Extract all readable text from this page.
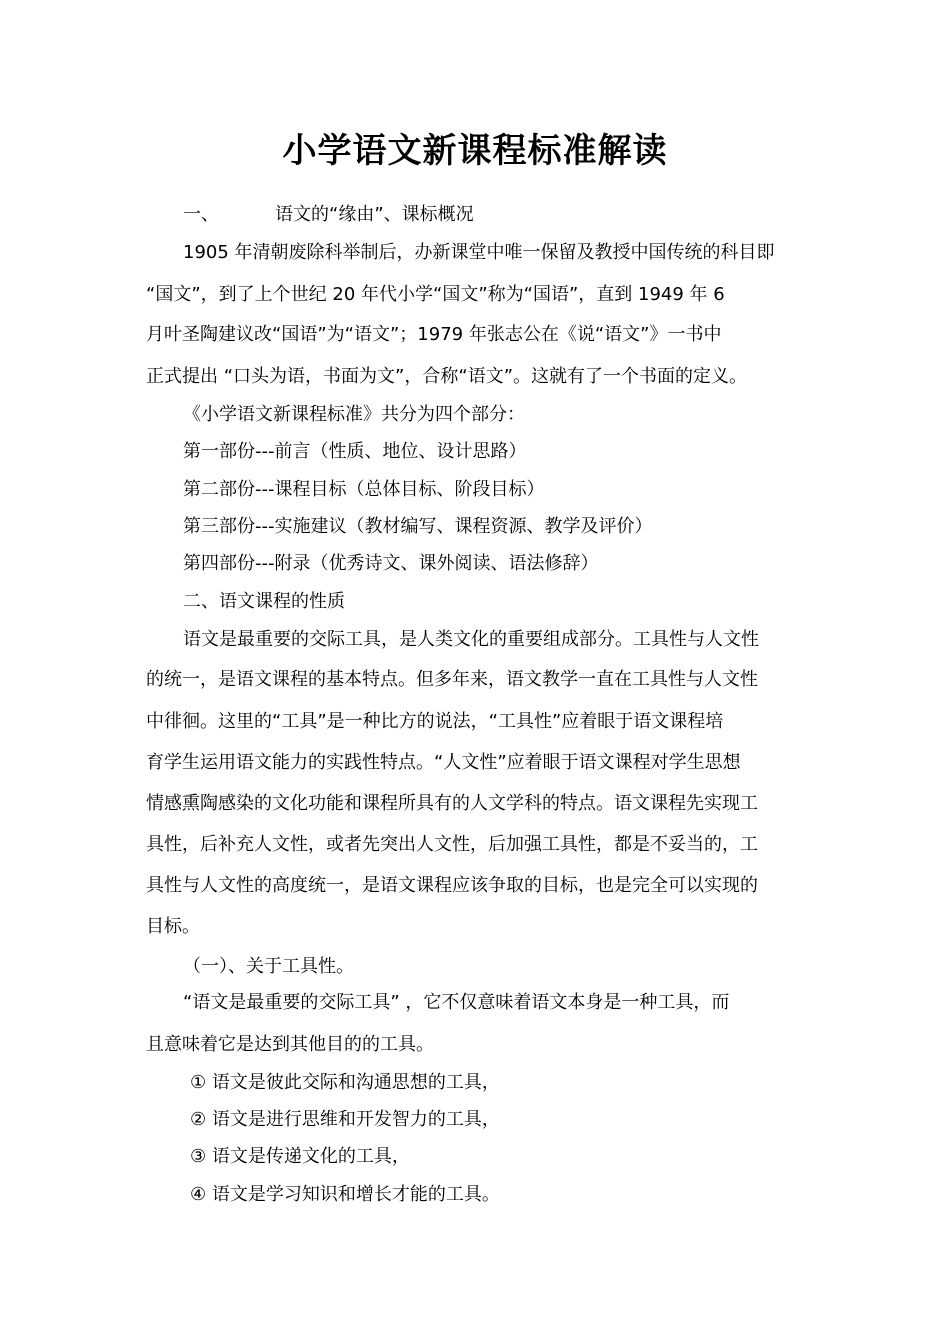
小学语文新课程标准解读
一、	语文的“缘由”、课标概况
1905 年清朝废除科举制后，办新课堂中唯一保留及教授中国传统的科目即
“国文”，到了上个世纪 20 年代小学“国文”称为“国语”，直到 1949 年 6
月叶圣陶建议改“国语”为“语文”；1979 年张志公在《说“语文”》一书中
正式提出 “口头为语，书面为文”，合称“语文”。这就有了一个书面的定义。
《小学语文新课程标准》共分为四个部分：
第一部份---前言（性质、地位、设计思路）
第二部份---课程目标（总体目标、阶段目标）
第三部份---实施建议（教材编写、课程资源、教学及评价）
第四部份---附录（优秀诗文、课外阅读、语法修辞）
二、语文课程的性质
语文是最重要的交际工具，是人类文化的重要组成部分。工具性与人文性
的统一，是语文课程的基本特点。但多年来，语文教学一直在工具性与人文性
中徘徊。这里的“工具”是一种比方的说法，“工具性”应着眼于语文课程培
育学生运用语文能力的实践性特点。“人文性”应着眼于语文课程对学生思想
情感熏陶感染的文化功能和课程所具有的人文学科的特点。语文课程先实现工
具性，后补充人文性，或者先突出人文性，后加强工具性，都是不妥当的，工
具性与人文性的高度统一，是语文课程应该争取的目标，也是完全可以实现的
目标。
（一）、关于工具性。
“语文是最重要的交际工具” ，它不仅意味着语文本身是一种工具，而
且意味着它是达到其他目的的工具。
① 语文是彼此交际和沟通思想的工具，
② 语文是进行思维和开发智力的工具，
③ 语文是传递文化的工具，
④ 语文是学习知识和增长才能的工具。
